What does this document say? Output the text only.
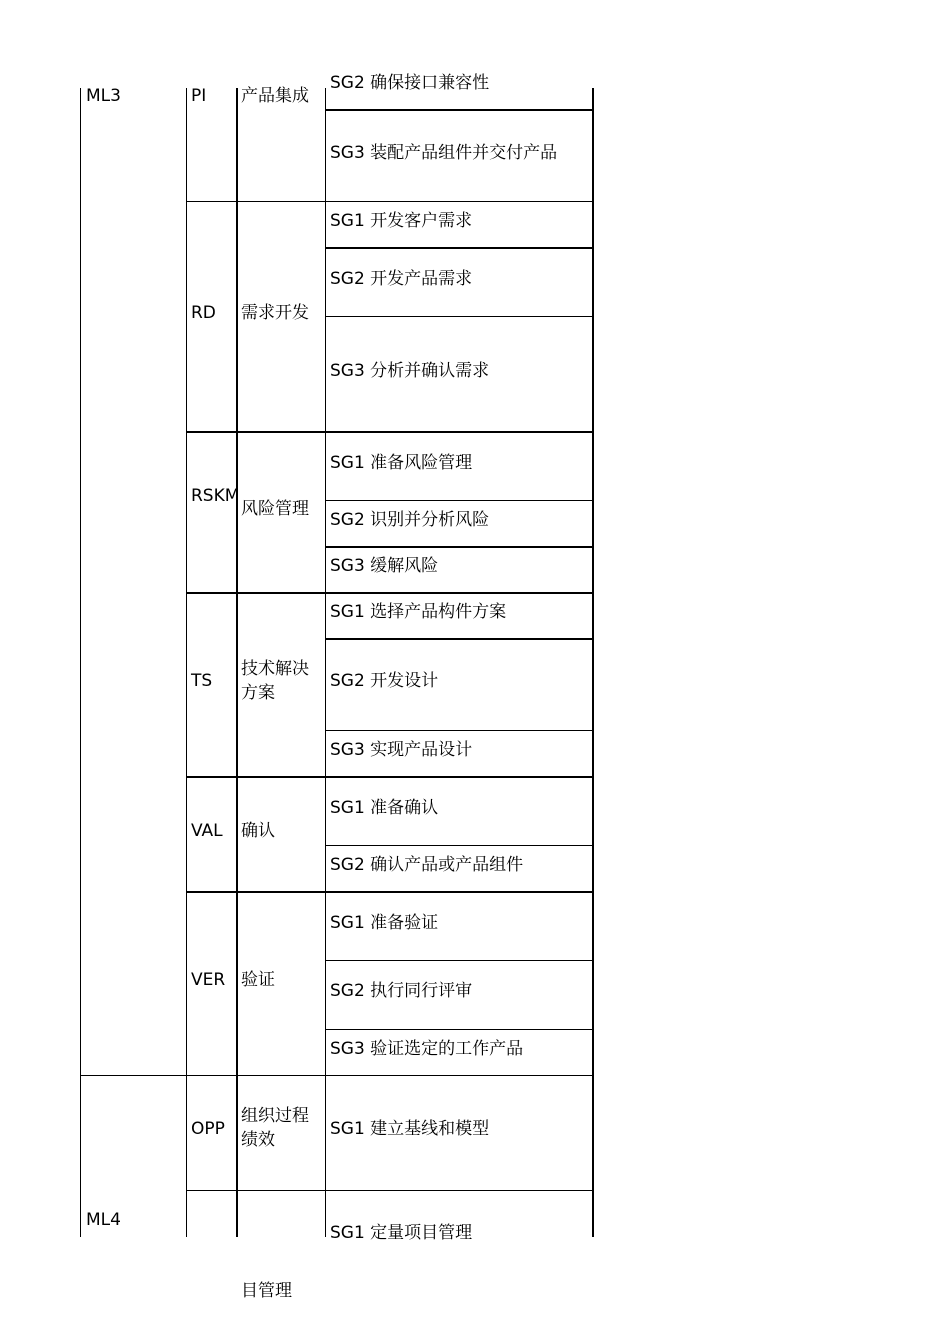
ML3
ML4
PI 产品集成
SG2 确保接口兼容性
SG3 装配产品组件并交付产品
RD 需求开发
SG1 开发客户需求
SG2 开发产品需求
SG3 分析并确认需求
RSKM
风险管理
SG1 准备风险管理
SG2 识别并分析风险
SG3 缓解风险
TS
技术解决方案
SG1 选择产品构件方案
SG2 开发设计
SG3 实现产品设计
VAL 确认
SG1 准备确认
SG2 确认产品或产品组件
VER 验证
SG1 准备验证
SG2 执行同行评审
SG3 验证选定的工作产品
OPP
组织过程绩效
SG1 建立基线和模型
SG1 定量项目管理
目管理
